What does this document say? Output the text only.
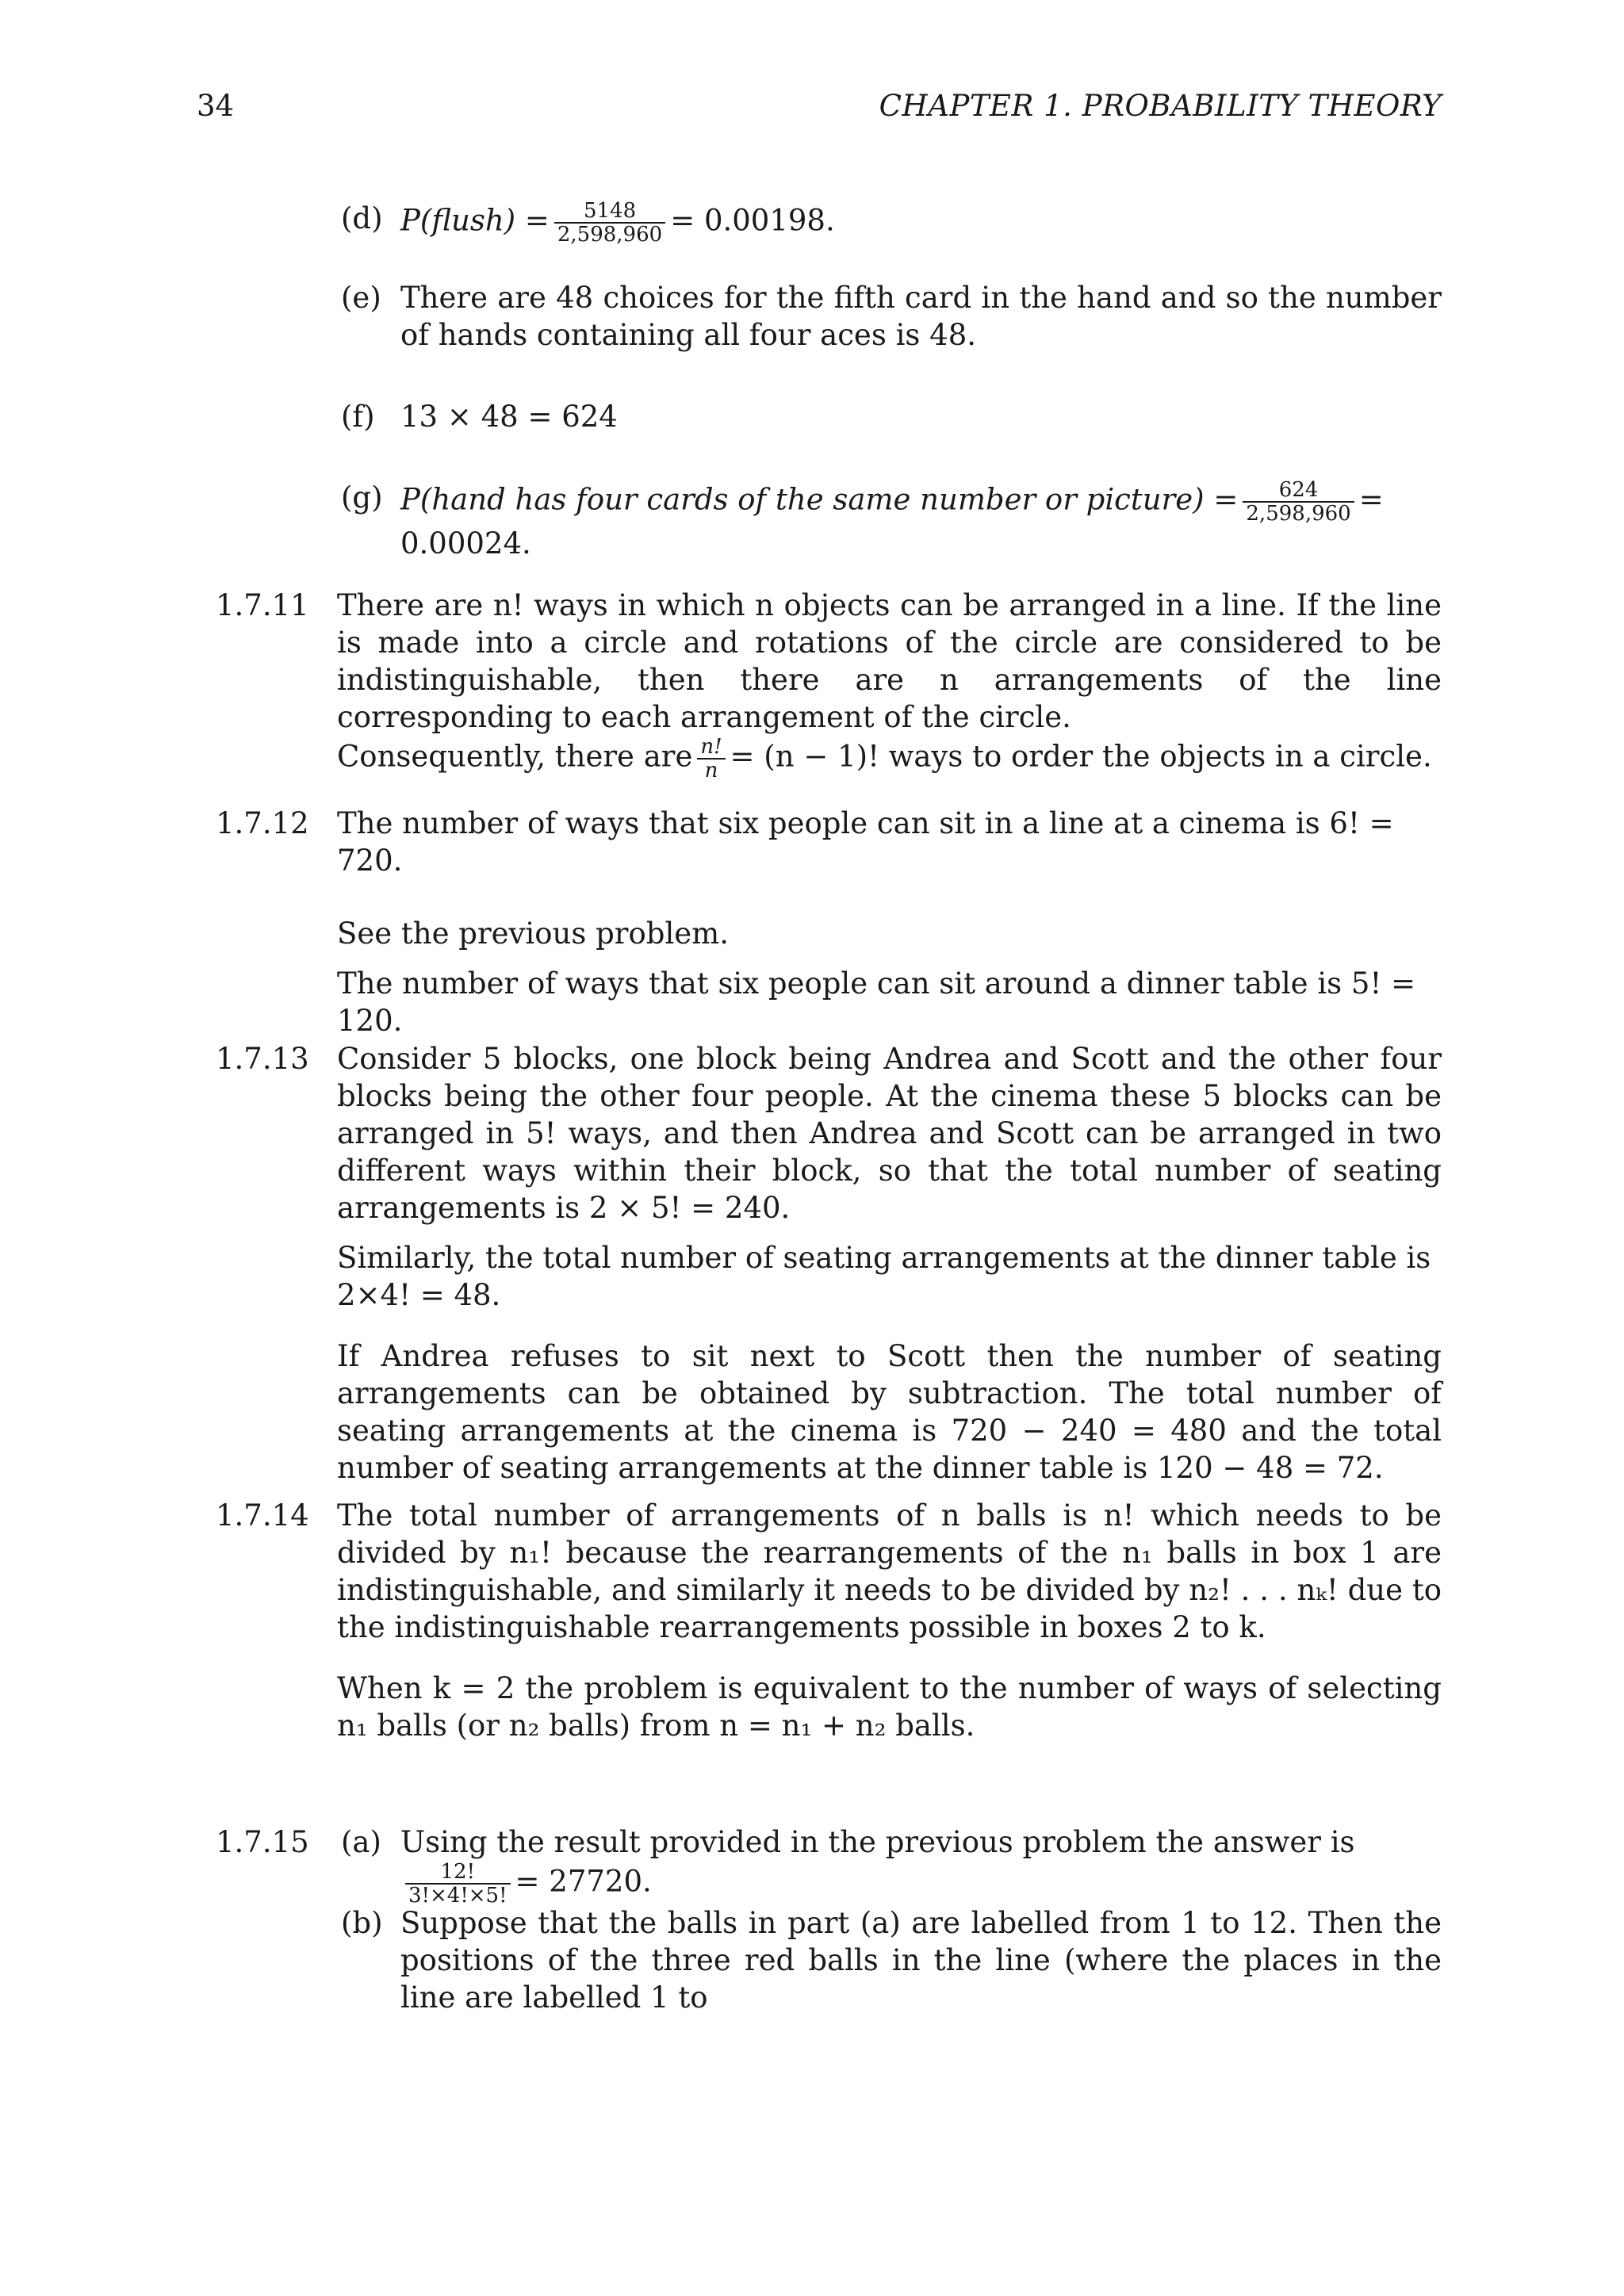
34	CHAPTER 1. PROBABILITY THEORY
(d) P(flush) = $\frac{5148}{2,598,960} = 0.00198$.
(e) There are 48 choices for the fifth card in the hand and so the number of hands containing all four aces is 48.

(f) 13 × 48 = 624

(g) P(hand has four cards of the same number or picture) = $\frac{624}{2,598,960} = 0.00024$.
1.7.11 There are n! ways in which n objects can be arranged in a line. If the line is made into a circle and rotations of the circle are considered to be indistinguishable, then there are n arrangements of the line corresponding to each arrangement of the circle.

Consequently, there are $\frac{n!}{n} = (n - 1)$! ways to order the objects in a circle.

1.7.12 The number of ways that six people can sit in a line at a cinema is 6! = 720.

See the previous problem.

The number of ways that six people can sit around a dinner table is 5! = 120.

1.7.13 Consider 5 blocks, one block being Andrea and Scott and the other four blocks being the other four people. At the cinema these 5 blocks can be arranged in 5! ways, and then Andrea and Scott can be arranged in two different ways within their block, so that the total number of seating arrangements is 2 × 5! = 240.

Similarly, the total number of seating arrangements at the dinner table is 2×4! = 48.

If Andrea refuses to sit next to Scott then the number of seating arrangements can be obtained by subtraction. The total number of seating arrangements at the cinema is 720 − 240 = 480 and the total number of seating arrangements at the dinner table is 120 − 48 = 72.

1.7.14 The total number of arrangements of n balls is n! which needs to be divided by n₁! because the rearrangements of the n₁ balls in box 1 are indistinguishable, and similarly it needs to be divided by n₂! . . . nₖ! due to the indistinguishable rearrangements possible in boxes 2 to k.

When k = 2 the problem is equivalent to the number of ways of selecting n₁ balls (or n₂ balls) from n = n₁ + n₂ balls.

1.7.15 (a) Using the result provided in the previous problem the answer is
$\frac{12!}{3!\times 4!\times 5!} = 27720$.
(b) Suppose that the balls in part (a) are labelled from 1 to 12. Then the positions of the three red balls in the line (where the places in the line are labelled 1 to
